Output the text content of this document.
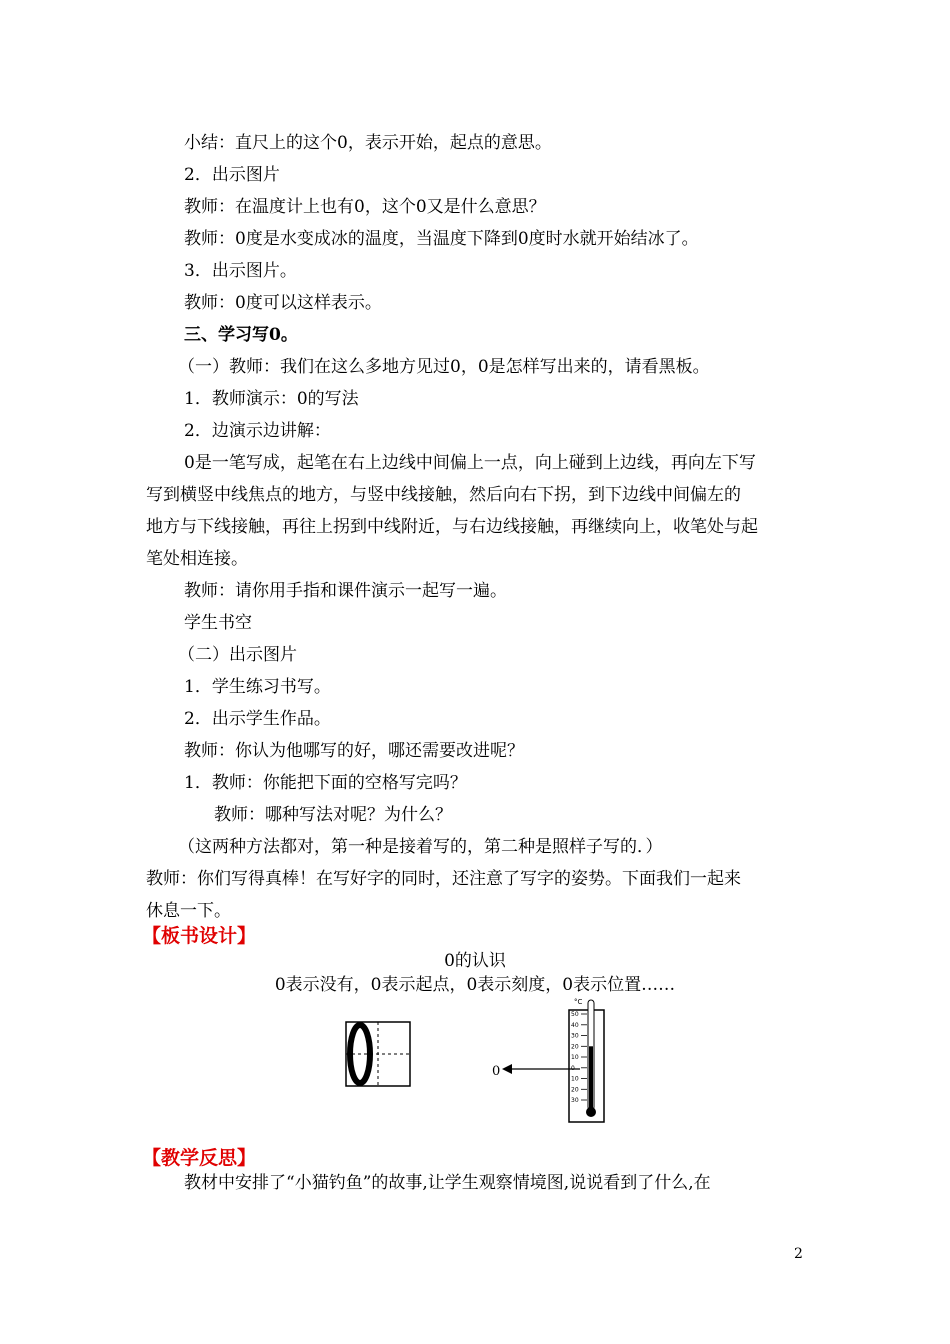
小结：直尺上的这个0，表示开始，起点的意思。
2．出示图片
教师：在温度计上也有0，这个0又是什么意思？
教师：0度是水变成冰的温度，当温度下降到0度时水就开始结冰了。
3．出示图片。
教师：0度可以这样表示。
三、学习写0。
（一）教师：我们在这么多地方见过0，0是怎样写出来的，请看黑板。
1．教师演示：0的写法
2．边演示边讲解：
0是一笔写成，起笔在右上边线中间偏上一点，向上碰到上边线，再向左下写
写到横竖中线焦点的地方，与竖中线接触，然后向右下拐，到下边线中间偏左的
地方与下线接触，再往上拐到中线附近，与右边线接触，再继续向上，收笔处与起
笔处相连接。
教师：请你用手指和课件演示一起写一遍。
学生书空
（二）出示图片
1．学生练习书写。
2．出示学生作品。
教师：你认为他哪写的好，哪还需要改进呢？
1．教师：你能把下面的空格写完吗？
教师：哪种写法对呢？为什么？
（这两种方法都对，第一种是接着写的，第二种是照样子写的．）
教师：你们写得真棒！在写好字的同时，还注意了写字的姿势。下面我们一起来
休息一下。
【板书设计】
0的认识
0表示没有，0表示起点，0表示刻度，0表示位置……
0
°C
50
40
30
20
10
0
10
20
30
【教学反思】
教材中安排了“小猫钓鱼”的故事,让学生观察情境图,说说看到了什么,在
2
